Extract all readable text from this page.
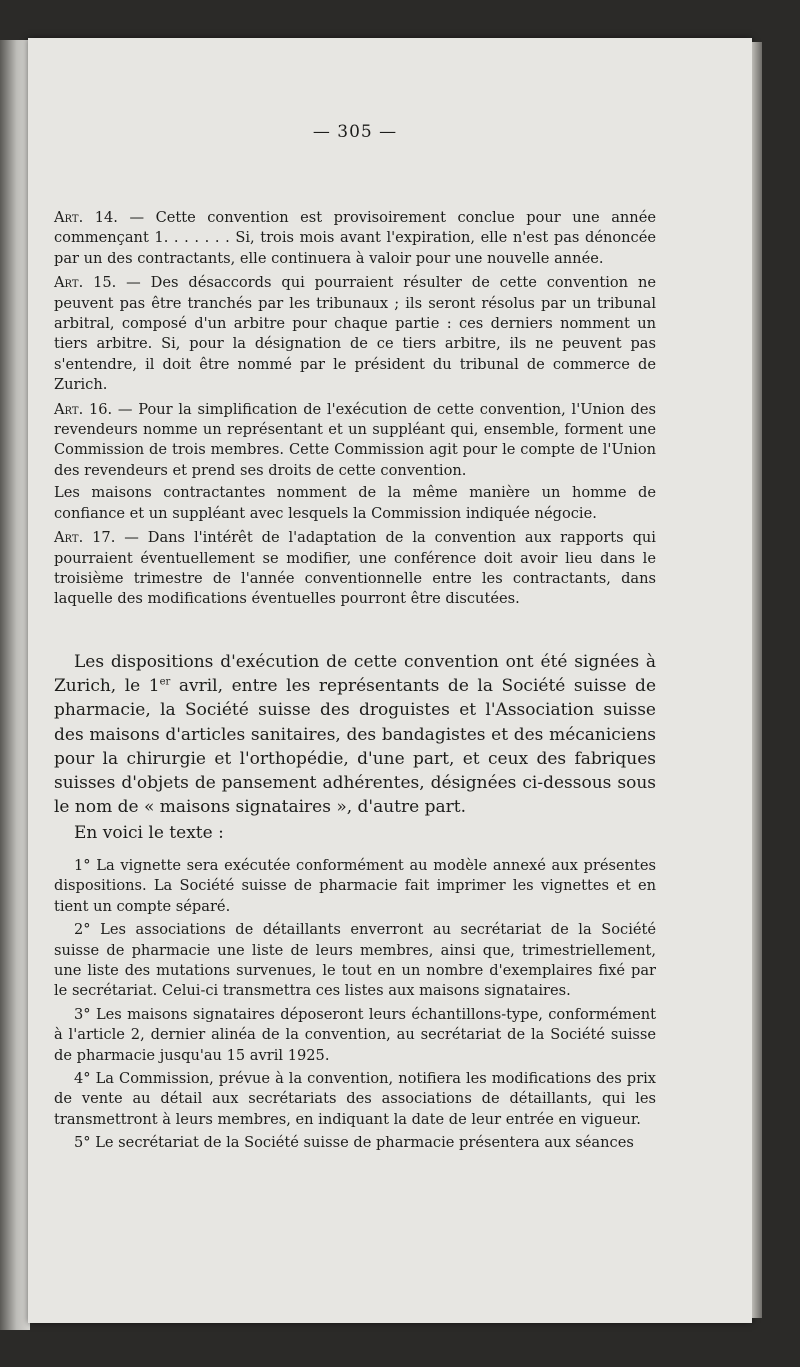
— 305 —

Art. 14. — Cette convention est provisoirement conclue pour une année commençant 1. . . . . . . Si, trois mois avant l'expiration, elle n'est pas dénoncée par un des contractants, elle continuera à valoir pour une nouvelle année.

Art. 15. — Des désaccords qui pourraient résulter de cette convention ne peuvent pas être tranchés par les tribunaux ; ils seront résolus par un tribunal arbitral, composé d'un arbitre pour chaque partie : ces derniers nomment un tiers arbitre. Si, pour la désignation de ce tiers arbitre, ils ne peuvent pas s'entendre, il doit être nommé par le président du tribunal de commerce de Zurich.

Art. 16. — Pour la simplification de l'exécution de cette convention, l'Union des revendeurs nomme un représentant et un suppléant qui, ensemble, forment une Commission de trois membres. Cette Commission agit pour le compte de l'Union des revendeurs et prend ses droits de cette convention.

Les maisons contractantes nomment de la même manière un homme de confiance et un suppléant avec lesquels la Commission indiquée négocie.

Art. 17. — Dans l'intérêt de l'adaptation de la convention aux rapports qui pourraient éventuellement se modifier, une conférence doit avoir lieu dans le troisième trimestre de l'année conventionnelle entre les contractants, dans laquelle des modifications éventuelles pourront être discutées.

Les dispositions d'exécution de cette convention ont été signées à Zurich, le 1er avril, entre les représentants de la Société suisse de pharmacie, la Société suisse des droguistes et l'Association suisse des maisons d'articles sanitaires, des bandagistes et des mécaniciens pour la chirurgie et l'orthopédie, d'une part, et ceux des fabriques suisses d'objets de pansement adhérentes, désignées ci-dessous sous le nom de « maisons signataires », d'autre part.

En voici le texte :

1° La vignette sera exécutée conformément au modèle annexé aux présentes dispositions. La Société suisse de pharmacie fait imprimer les vignettes et en tient un compte séparé.

2° Les associations de détaillants enverront au secrétariat de la Société suisse de pharmacie une liste de leurs membres, ainsi que, trimestriellement, une liste des mutations survenues, le tout en un nombre d'exemplaires fixé par le secrétariat. Celui-ci transmettra ces listes aux maisons signataires.

3° Les maisons signataires déposeront leurs échantillons-type, conformément à l'article 2, dernier alinéa de la convention, au secrétariat de la Société suisse de pharmacie jusqu'au 15 avril 1925.

4° La Commission, prévue à la convention, notifiera les modifications des prix de vente au détail aux secrétariats des associations de détaillants, qui les transmettront à leurs membres, en indiquant la date de leur entrée en vigueur.

5° Le secrétariat de la Société suisse de pharmacie présentera aux séances
